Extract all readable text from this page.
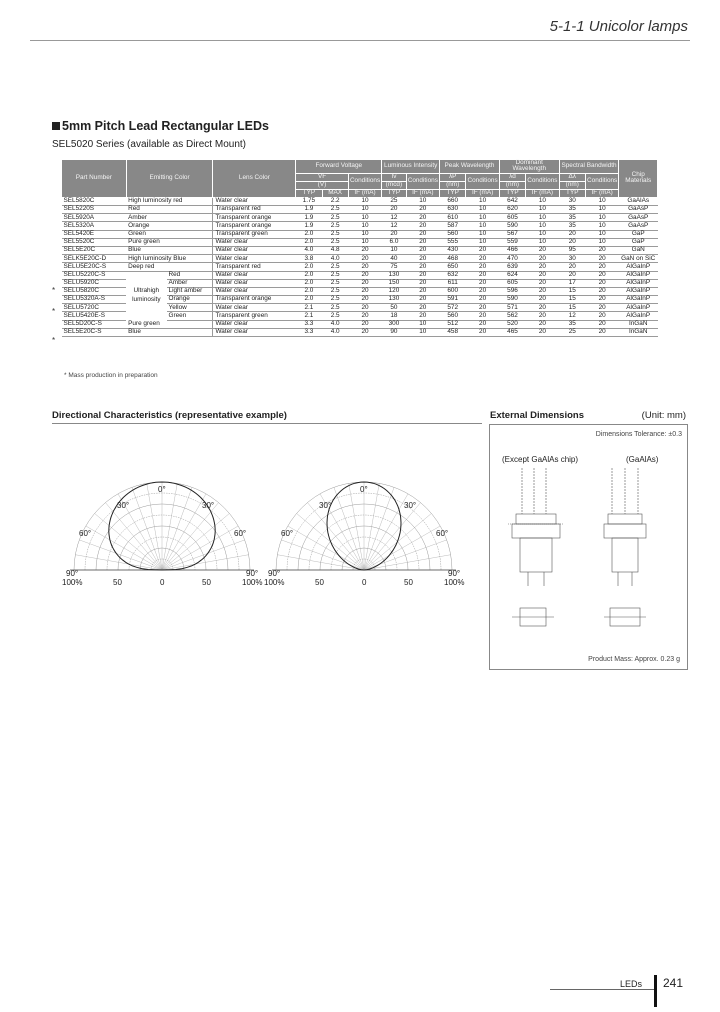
5-1-1 Unicolor lamps
5mm Pitch Lead Rectangular LEDs
SEL5020 Series (available as Direct Mount)
Part Number	Emitting Color		Lens Color	Forward Voltage			Luminous Intensity		Peak Wavelength		Dominant Wavelength		Spectral Bandwidth		Chip Materials
				VF		Conditions	Iv	Conditions	λP	Conditions	λd	Conditions	Δλ	Conditions	
				(V)			(mcd)		(nm)		(nm)		(nm)		
				TYP	MAX	IF (mA)	TYP	IF (mA)	TYP	IF (mA)	TYP	IF (mA)	TYP	IF (mA)	
SEL5820C	High luminosity red		Water clear	1.75	2.2	10	25	10	660	10	642	10	30	10	GaAlAs
SEL5220S	Red		Transparent red	1.9	2.5	10	20	20	630	10	620	10	35	10	GaAsP
SEL5920A	Amber		Transparent orange	1.9	2.5	10	12	20	610	10	605	10	35	10	GaAsP
SEL5320A	Orange		Transparent orange	1.9	2.5	10	12	20	587	10	590	10	35	10	GaAsP
SEL5420E	Green		Transparent green	2.0	2.5	10	20	20	560	10	567	10	20	10	GaP
SEL5520C	Pure green		Water clear	2.0	2.5	10	6.0	20	555	10	559	10	20	10	GaP
SEL5E20C	Blue		Water clear	4.0	4.8	20	10	20	430	20	466	20	95	20	GaN
SELK5E20C-D	High luminosity Blue		Water clear	3.8	4.0	20	40	20	468	20	470	20	30	20	GaN on SiC
SELU5E20C-S	Deep red		Transparent red	2.0	2.5	20	75	20	650	20	639	20	20	20	AlGaInP
SELU5220C-S	Ultrahigh luminosity	Red	Water clear	2.0	2.5	20	130	20	632	20	624	20	20	20	AlGaInP
SELU5920C		Amber	Water clear	2.0	2.5	20	150	20	611	20	605	20	17	20	AlGaInP
SELU5820C		Light amber	Water clear	2.0	2.5	20	120	20	600	20	596	20	15	20	AlGaInP
SELU5320A-S		Orange	Transparent orange	2.0	2.5	20	130	20	591	20	590	20	15	20	AlGaInP
SELU5720C		Yellow	Water clear	2.1	2.5	20	50	20	572	20	571	20	15	20	AlGaInP
SELU5420E-S		Green	Transparent green	2.1	2.5	20	18	20	560	20	562	20	12	20	AlGaInP
SEL5D20C-S	Pure green		Water clear	3.3	4.0	20	300	10	512	20	520	20	35	20	InGaN
SEL5E20C-S	Blue		Water clear	3.3	4.0	20	90	10	458	20	465	20	25	20	InGaN
*
*
*
* Mass production in preparation
Directional Characteristics (representative example)
0°
30°	30°
60°	60°
90°	90°
100%	50	0	50	100%
0°
30°	30°
60°	60°
90°	90°
100%	50	0	50	100%
External Dimensions	(Unit: mm)
Dimensions Tolerance: ±0.3
(Except GaAlAs chip)	(GaAlAs)
Product Mass: Approx. 0.23 g
LEDs 241
